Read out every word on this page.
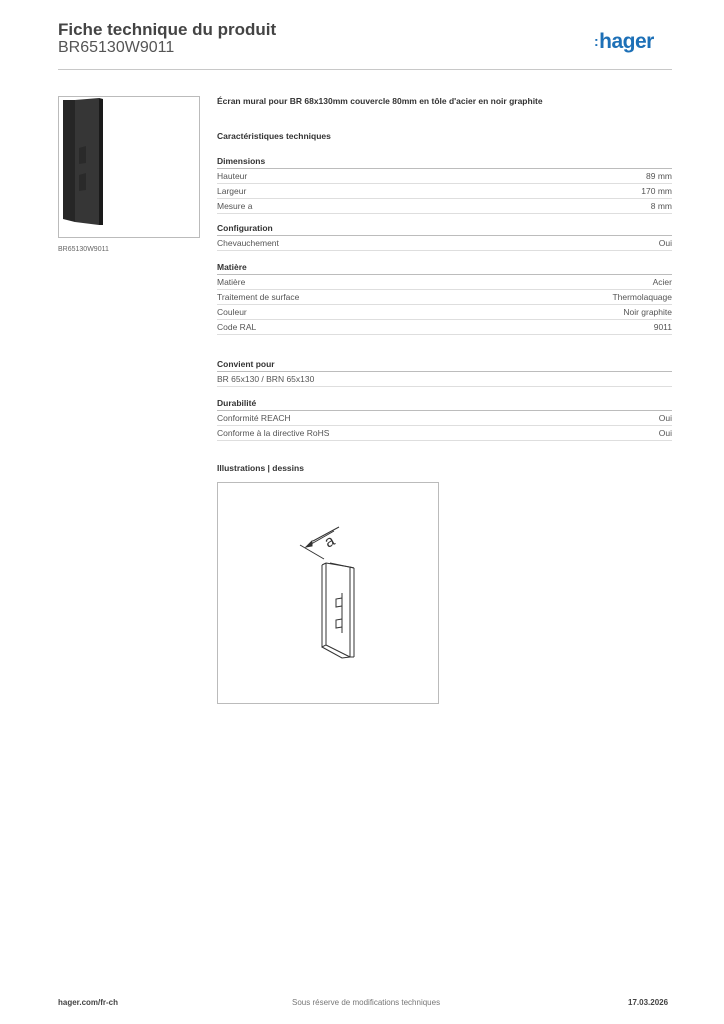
Fiche technique du produit
BR65130W9011	:hager
BR65130W9011
Écran mural pour BR 68x130mm couvercle 80mm en tôle d'acier en noir graphite
Caractéristiques techniques
Dimensions
Hauteur	89 mm
Largeur	170 mm
Mesure a	8 mm
Configuration
Chevauchement	Oui
Matière
Matière	Acier
Traitement de surface	Thermolaquage
Couleur	Noir graphite
Code RAL	9011
Convient pour
BR 65x130 / BRN 65x130
Durabilité
Conformité REACH	Oui
Conforme à la directive RoHS	Oui
Illustrations | dessins
a
hager.com/fr-ch	Sous réserve de modifications techniques	17.03.2026
